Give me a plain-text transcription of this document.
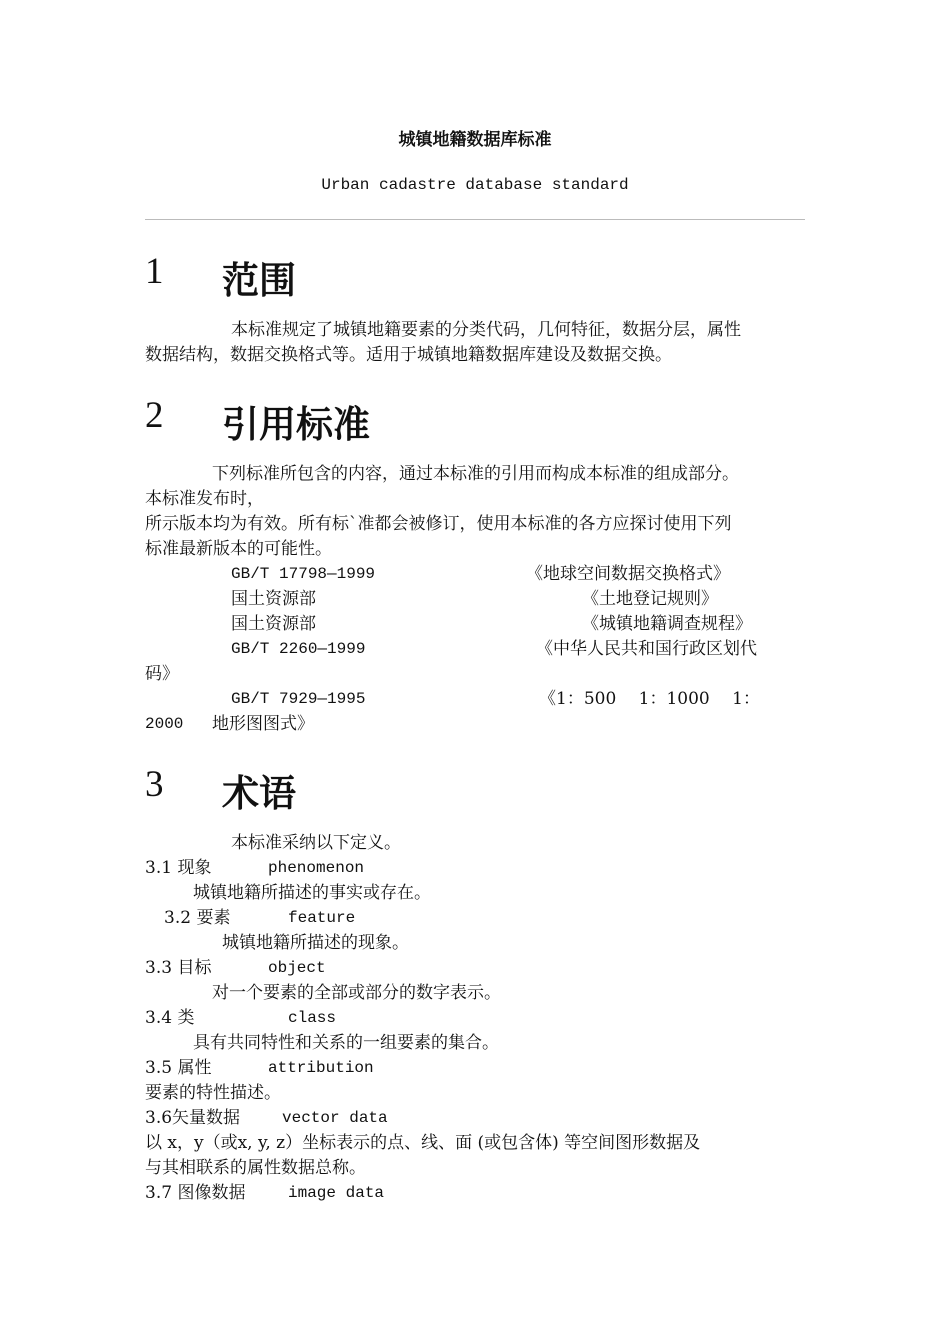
城镇地籍数据库标准
Urban cadastre database standard
1 范围
本标准规定了城镇地籍要素的分类代码，几何特征，数据分层，属性
数据结构，数据交换格式等。适用于城镇地籍数据库建设及数据交换。
2 引用标准
下列标准所包含的内容，通过本标准的引用而构成本标准的组成部分。
本标准发布时，
所示版本均为有效。所有标`准都会被修订，使用本标准的各方应探讨使用下列
标准最新版本的可能性。
GB/T 17798—1999	《地球空间数据交换格式》
国土资源部	《土地登记规则》
国土资源部	《城镇地籍调查规程》
GB/T 2260—1999	《中华人民共和国行政区划代
码》
GB/T 7929—1995	《1：500　 1：1000　 1：
2000 地形图图式》
3 术语
本标准采纳以下定义。
3.1 现象	phenomenon
城镇地籍所描述的事实或存在。
3.2 要素	feature
城镇地籍所描述的现象。
3.3 目标	object
对一个要素的全部或部分的数字表示。
3.4 类	class
具有共同特性和关系的一组要素的集合。
3.5 属性	attribution
要素的特性描述。
3.6矢量数据	vector data
以 x，y（或x, y, z）坐标表示的点、线、面 (或包含体) 等空间图形数据及
与其相联系的属性数据总称。
3.7 图像数据	image data
